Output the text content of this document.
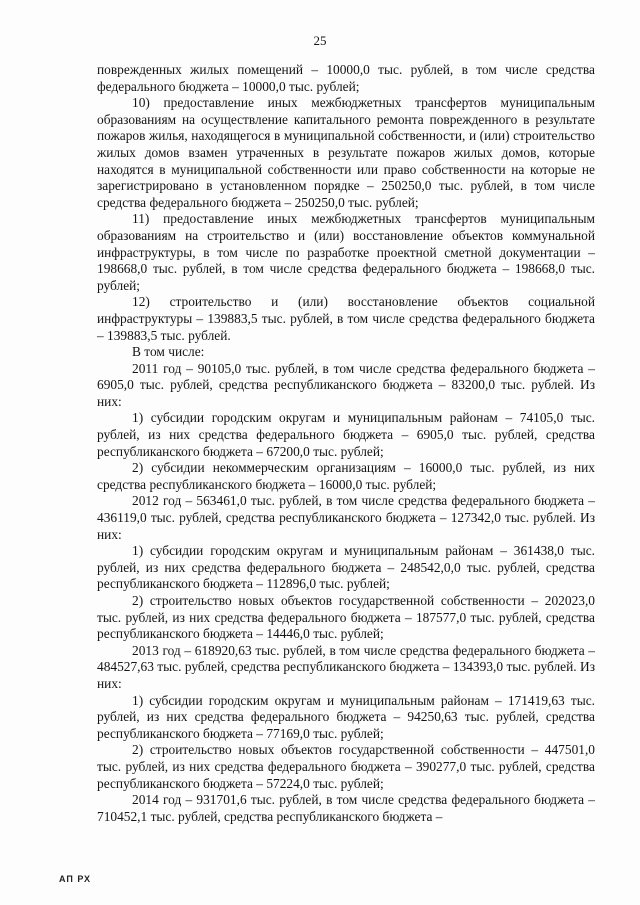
25

поврежденных жилых помещений – 10000,0 тыс. рублей, в том числе средства федерального бюджета – 10000,0 тыс. рублей;

10) предоставление иных межбюджетных трансфертов муниципальным образованиям на осуществление капитального ремонта поврежденного в результате пожаров жилья, находящегося в муниципальной собственности, и (или) строительство жилых домов взамен утраченных в результате пожаров жилых домов, которые находятся в муниципальной собственности или право собственности на которые не зарегистрировано в установленном порядке – 250250,0 тыс. рублей, в том числе средства федерального бюджета – 250250,0 тыс. рублей;

11) предоставление иных межбюджетных трансфертов муниципальным образованиям на строительство и (или) восстановление объектов коммунальной инфраструктуры, в том числе по разработке проектной сметной документации – 198668,0 тыс. рублей, в том числе средства федерального бюджета – 198668,0 тыс. рублей;

12) строительство и (или) восстановление объектов социальной инфраструктуры – 139883,5 тыс. рублей, в том числе средства федерального бюджета – 139883,5 тыс. рублей.

В том числе:

2011 год – 90105,0 тыс. рублей, в том числе средства федерального бюджета – 6905,0 тыс. рублей, средства республиканского бюджета – 83200,0 тыс. рублей. Из них:

1) субсидии городским округам и муниципальным районам – 74105,0 тыс. рублей, из них средства федерального бюджета – 6905,0 тыс. рублей, средства республиканского бюджета – 67200,0 тыс. рублей;

2) субсидии некоммерческим организациям – 16000,0 тыс. рублей, из них средства республиканского бюджета – 16000,0 тыс. рублей;

2012 год – 563461,0 тыс. рублей, в том числе средства федерального бюджета – 436119,0 тыс. рублей, средства республиканского бюджета – 127342,0 тыс. рублей. Из них:

1) субсидии городским округам и муниципальным районам – 361438,0 тыс. рублей, из них средства федерального бюджета – 248542,0,0 тыс. рублей, средства республиканского бюджета – 112896,0 тыс. рублей;

2) строительство новых объектов государственной собственности – 202023,0 тыс. рублей, из них средства федерального бюджета – 187577,0 тыс. рублей, средства республиканского бюджета – 14446,0 тыс. рублей;

2013 год – 618920,63 тыс. рублей, в том числе средства федерального бюджета – 484527,63 тыс. рублей, средства республиканского бюджета – 134393,0 тыс. рублей. Из них:

1) субсидии городским округам и муниципальным районам – 171419,63 тыс. рублей, из них средства федерального бюджета – 94250,63 тыс. рублей, средства республиканского бюджета – 77169,0 тыс. рублей;

2) строительство новых объектов государственной собственности – 447501,0 тыс. рублей, из них средства федерального бюджета – 390277,0 тыс. рублей, средства республиканского бюджета – 57224,0 тыс. рублей;

2014 год – 931701,6 тыс. рублей, в том числе средства федерального бюджета – 710452,1 тыс. рублей, средства республиканского бюджета –

АП РХ
